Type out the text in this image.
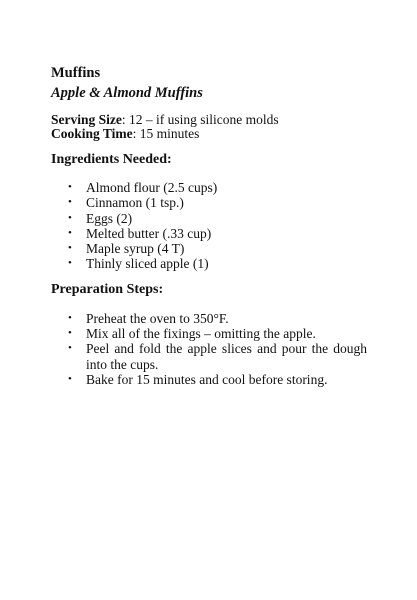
Muffins
Apple & Almond Muffins
Serving Size: 12 – if using silicone molds
Cooking Time: 15 minutes
Ingredients Needed:
• Almond flour (2.5 cups)
• Cinnamon (1 tsp.)
• Eggs (2)
• Melted butter (.33 cup)
• Maple syrup (4 T)
• Thinly sliced apple (1)
Preparation Steps:
• Preheat the oven to 350°F.
• Mix all of the fixings – omitting the apple.
• Peel and fold the apple slices and pour the dough into the cups.
• Bake for 15 minutes and cool before storing.
